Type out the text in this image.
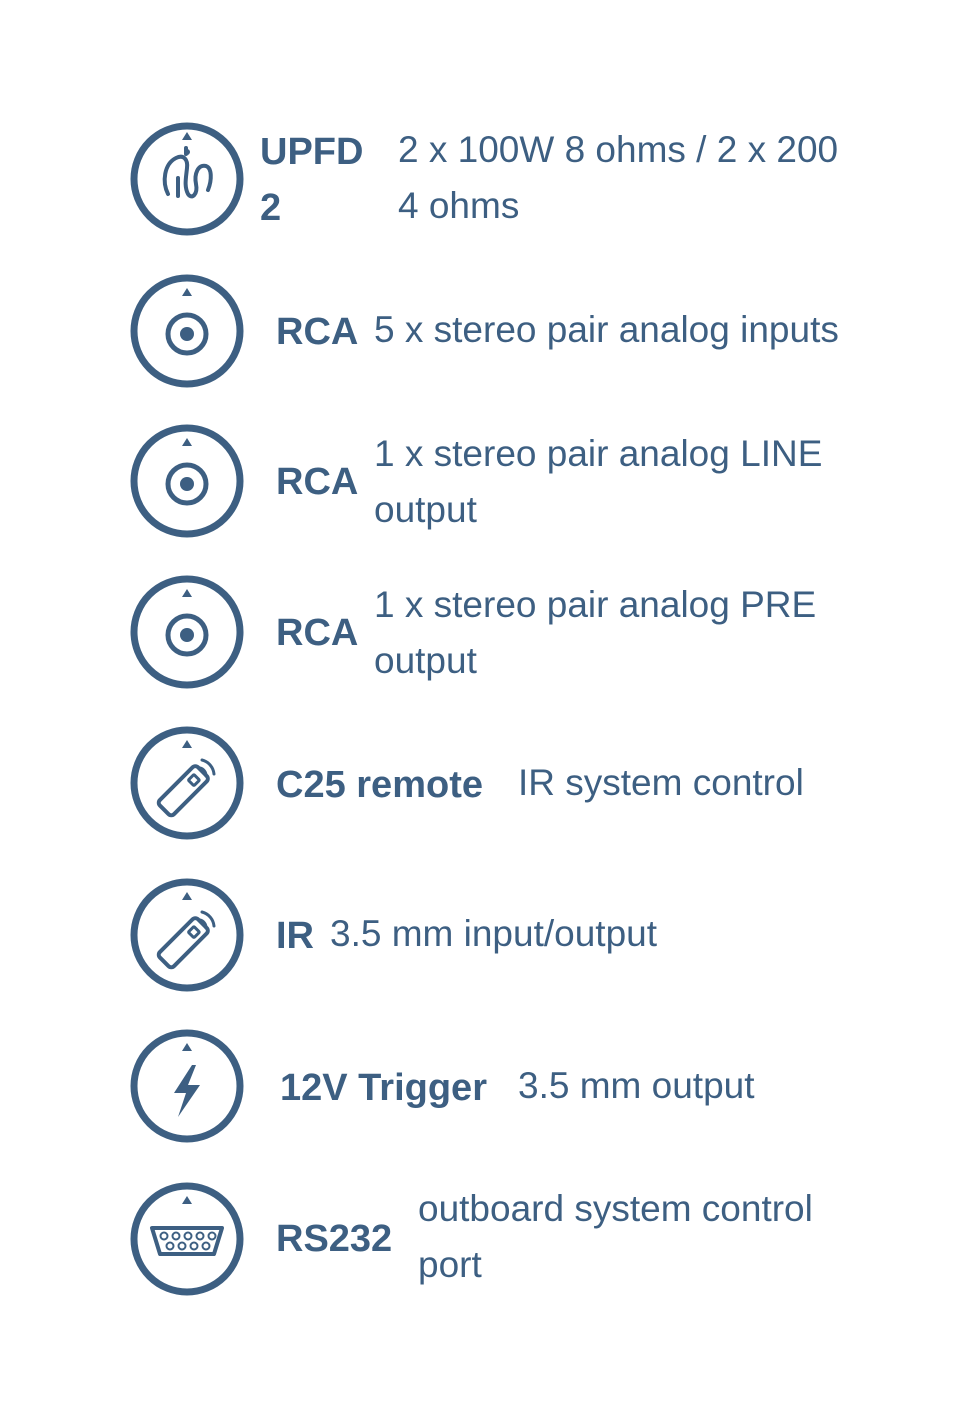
UPFD
2
2 x 100W 8 ohms / 2 x 200
4 ohms
RCA 5 x stereo pair analog inputs
RCA
1 x stereo pair analog LINE
output
RCA
1 x stereo pair analog PRE
output
C25 remote IR system control
IR 3.5 mm input/output
12V Trigger 3.5 mm output
RS232
outboard system control
port
